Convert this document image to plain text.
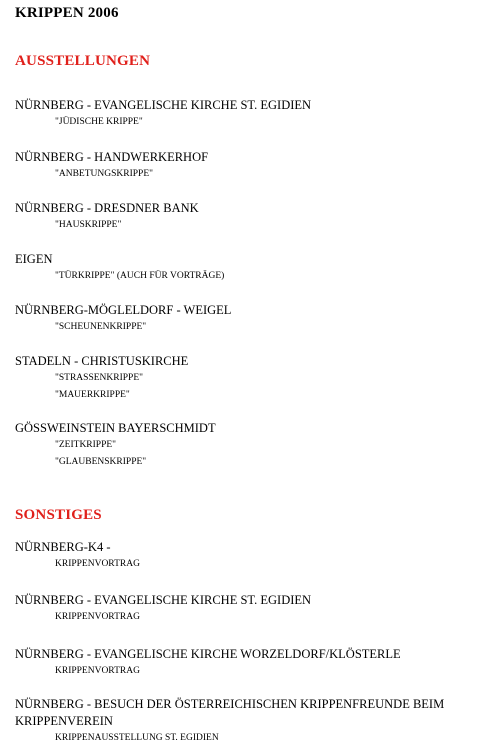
KRIPPEN 2006
AUSSTELLUNGEN
NÜRNBERG - EVANGELISCHE KIRCHE ST. EGIDIEN
"JÜDISCHE KRIPPE"
NÜRNBERG - HANDWERKERHOF
"ANBETUNGSKRIPPE"
NÜRNBERG - DRESDNER BANK
"HAUSKRIPPE"
EIGEN
"TÜRKRIPPE" (AUCH FÜR VORTRÄGE)
NÜRNBERG-MÖGLELDORF - WEIGEL
"SCHEUNENKRIPPE"
STADELN - CHRISTUSKIRCHE
"STRASSENKRIPPE"
"MAUERKRIPPE"
GÖSSWEINSTEIN BAYERSCHMIDT
"ZEITKRIPPE"
"GLAUBENSKRIPPE"
SONSTIGES
NÜRNBERG-K4 -
KRIPPENVORTRAG
NÜRNBERG - EVANGELISCHE KIRCHE ST. EGIDIEN
KRIPPENVORTRAG
NÜRNBERG - EVANGELISCHE KIRCHE WORZELDORF/KLÖSTERLE
KRIPPENVORTRAG
NÜRNBERG - BESUCH DER ÖSTERREICHISCHEN KRIPPENFREUNDE BEIM KRIPPENVEREIN
KRIPPENAUSSTELLUNG ST. EGIDIEN
